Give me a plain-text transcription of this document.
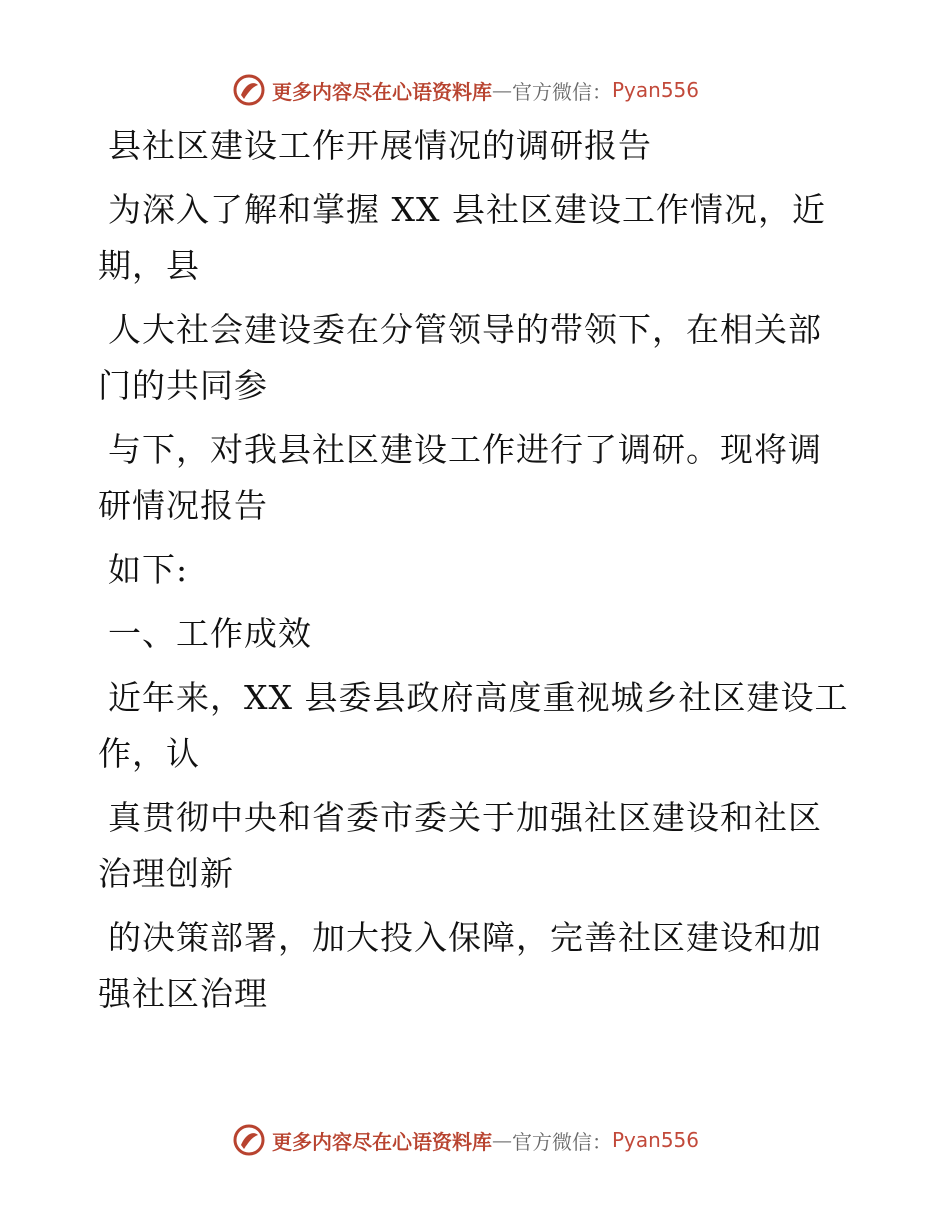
更多内容尽在心语资料库 — 官方微信： Pyan556
县社区建设工作开展情况的调研报告
为深入了解和掌握 XX 县社区建设工作情况，近
期，县
人大社会建设委在分管领导的带领下，在相关部
门的共同参
与下，对我县社区建设工作进行了调研。现将调
研情况报告
如下:
一、工作成效
近年来，XX 县委县政府高度重视城乡社区建设工
作，认
真贯彻中央和省委市委关于加强社区建设和社区
治理创新
的决策部署，加大投入保障，完善社区建设和加
强社区治理
更多内容尽在心语资料库 — 官方微信： Pyan556
